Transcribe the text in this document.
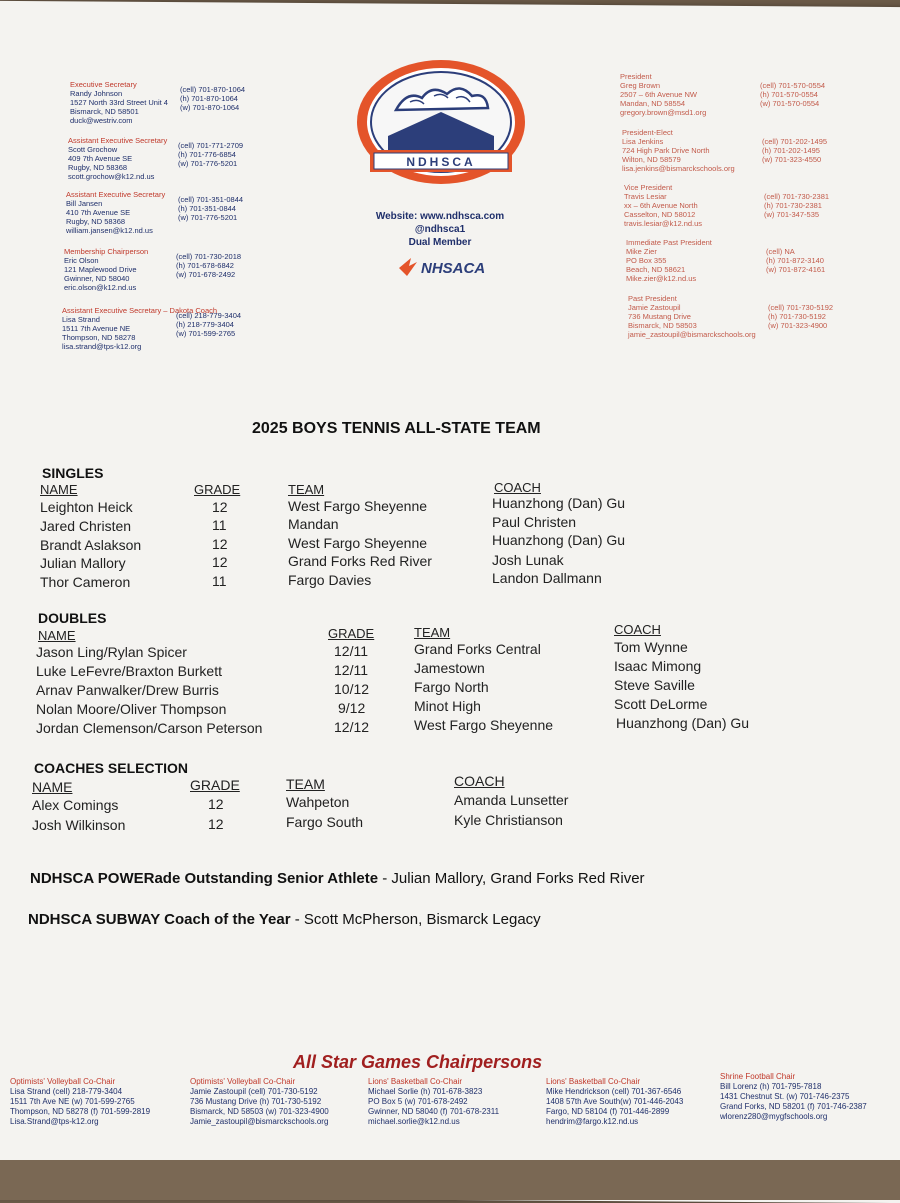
Executive Secretary
Randy Johnson
1527 North 33rd Street Unit 4
Bismarck, ND 58501
duck@westriv.com
(cell) 701-870-1064
(h) 701-870-1064
(w) 701-870-1064
Assistant Executive Secretary
Scott Grochow
409 7th Avenue SE
Rugby, ND 58368
scott.grochow@k12.nd.us
(cell) 701-771-2709
(h) 701-776-6854
(w) 701-776-5201
Assistant Executive Secretary
Bill Jansen
410 7th Avenue SE
Rugby, ND 58368
william.jansen@k12.nd.us
(cell) 701-351-0844
(h) 701-351-0844
(w) 701-776-5201
Membership Chairperson
Eric Olson
121 Maplewood Drive
Gwinner, ND 58040
eric.olson@k12.nd.us
(cell) 701-730-2018
(h) 701-678-6842
(w) 701-678-2492
Assistant Executive Secretary – Dakota Coach
Lisa Strand
1511 7th Avenue NE
Thompson, ND 58278
lisa.strand@tps-k12.org
(cell) 218-779-3404
(h) 218-779-3404
(w) 701-599-2765
President
Greg Brown
2507 – 6th Avenue NW
Mandan, ND 58554
gregory.brown@msd1.org
(cell) 701-570-0554
(h) 701-570-0554
(w) 701-570-0554
President-Elect
Lisa Jenkins
724 High Park Drive North
Wilton, ND 58579
lisa.jenkins@bismarckschools.org
(cell) 701-202-1495
(h) 701-202-1495
(w) 701-323-4550
Vice President
Travis Lesiar
xx – 6th Avenue North
Casselton, ND 58012
travis.lesiar@k12.nd.us
(cell) 701-730-2381
(h) 701-730-2381
(w) 701-347-535
Immediate Past President
Mike Zier
PO Box 355
Beach, ND 58621
Mike.zier@k12.nd.us
(cell) NA
(h) 701-872-3140
(w) 701-872-4161
Past President
Jamie Zastoupil
736 Mustang Drive
Bismarck, ND 58503
jamie_zastoupil@bismarckschools.org
(cell) 701-730-5192
(h) 701-730-5192
(w) 701-323-4900
NDHSCA
Website: www.ndhsca.com
@ndhsca1
Dual Member
NHSACA
2025 BOYS TENNIS ALL-STATE TEAM
SINGLES
NAME	GRADE	TEAM	COACH
Leighton Heick	12	West Fargo Sheyenne	Huanzhong (Dan) Gu
Jared Christen	11	Mandan	Paul Christen
Brandt Aslakson	12	West Fargo Sheyenne	Huanzhong (Dan) Gu
Julian Mallory	12	Grand Forks Red River	Josh Lunak
Thor Cameron	11	Fargo Davies	Landon Dallmann
DOUBLES
NAME	GRADE	TEAM	COACH
Jason Ling/Rylan Spicer	12/11	Grand Forks Central	Tom Wynne
Luke LeFevre/Braxton Burkett	12/11	Jamestown	Isaac Mimong
Arnav Panwalker/Drew Burris	10/12	Fargo North	Steve Saville
Nolan Moore/Oliver Thompson	9/12	Minot High	Scott DeLorme
Jordan Clemenson/Carson Peterson	12/12	West Fargo Sheyenne	Huanzhong (Dan) Gu
COACHES SELECTION
NAME	GRADE	TEAM	COACH
Alex Comings	12	Wahpeton	Amanda Lunsetter
Josh Wilkinson	12	Fargo South	Kyle Christianson
NDHSCA POWERade Outstanding Senior Athlete - Julian Mallory, Grand Forks Red River
NDHSCA SUBWAY Coach of the Year - Scott McPherson, Bismarck Legacy
All Star Games Chairpersons
Optimists' Volleyball Co-Chair
Lisa Strand (cell) 218-779-3404
1511 7th Ave NE (w) 701-599-2765
Thompson, ND 58278 (f) 701-599-2819
Lisa.Strand@tps-k12.org
Optimists' Volleyball Co-Chair
Jamie Zastoupil (cell) 701-730-5192
736 Mustang Drive (h) 701-730-5192
Bismarck, ND 58503 (w) 701-323-4900
Jamie_zastoupil@bismarckschools.org
Lions' Basketball Co-Chair
Michael Sorlie (h) 701-678-3823
PO Box 5 (w) 701-678-2492
Gwinner, ND 58040 (f) 701-678-2311
michael.sorlie@k12.nd.us
Lions' Basketball Co-Chair
Mike Hendrickson (cell) 701-367-6546
1408 57th Ave South(w) 701-446-2043
Fargo, ND 58104 (f) 701-446-2899
hendrim@fargo.k12.nd.us
Shrine Football Chair
Bill Lorenz (h) 701-795-7818
1431 Chestnut St. (w) 701-746-2375
Grand Forks, ND 58201 (f) 701-746-2387
wlorenz280@mygfschools.org
